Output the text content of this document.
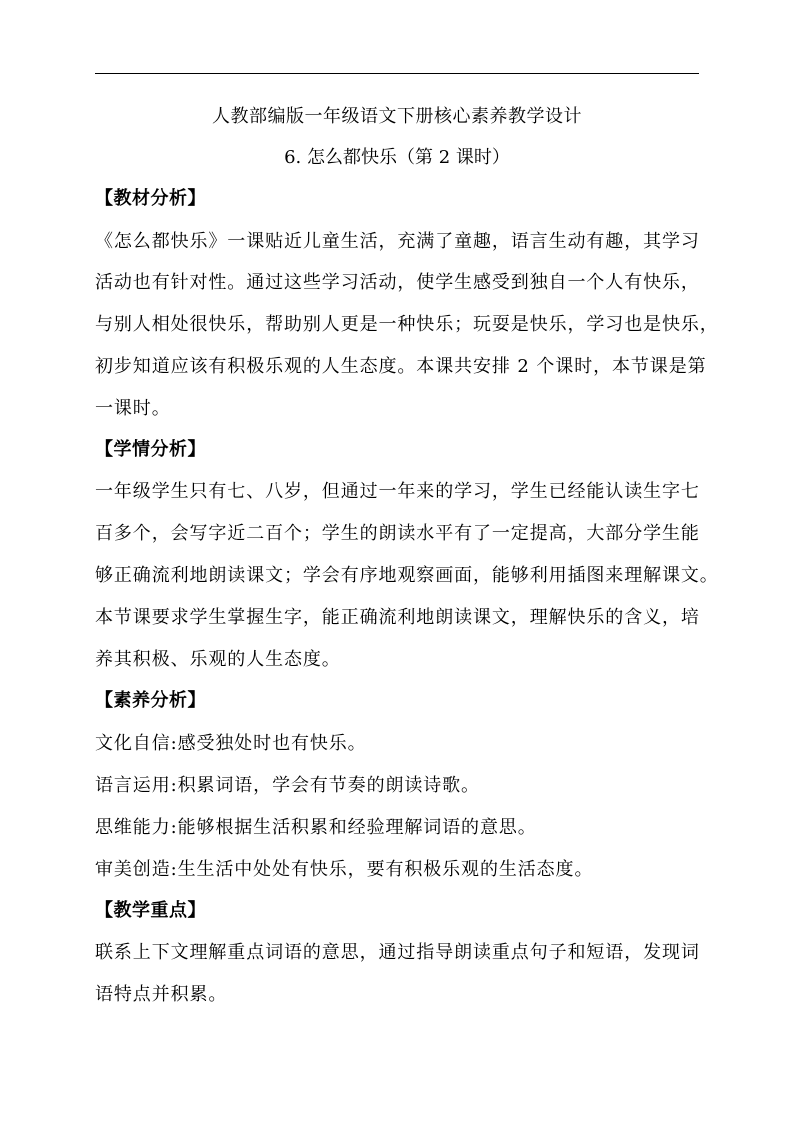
人教部编版一年级语文下册核心素养教学设计
6. 怎么都快乐（第 2 课时）
【教材分析】
《怎么都快乐》一课贴近儿童生活，充满了童趣，语言生动有趣，其学习
活动也有针对性。通过这些学习活动，使学生感受到独自一个人有快乐，
与别人相处很快乐，帮助别人更是一种快乐；玩耍是快乐，学习也是快乐，
初步知道应该有积极乐观的人生态度。本课共安排 2 个课时，本节课是第
一课时。
【学情分析】
一年级学生只有七、八岁，但通过一年来的学习，学生已经能认读生字七
百多个，会写字近二百个；学生的朗读水平有了一定提高，大部分学生能
够正确流利地朗读课文；学会有序地观察画面，能够利用插图来理解课文。
本节课要求学生掌握生字，能正确流利地朗读课文，理解快乐的含义，培
养其积极、乐观的人生态度。
【素养分析】
文化自信:感受独处时也有快乐。
语言运用:积累词语，学会有节奏的朗读诗歌。
思维能力:能够根据生活积累和经验理解词语的意思。
审美创造:生生活中处处有快乐，要有积极乐观的生活态度。
【教学重点】
联系上下文理解重点词语的意思，通过指导朗读重点句子和短语，发现词
语特点并积累。
